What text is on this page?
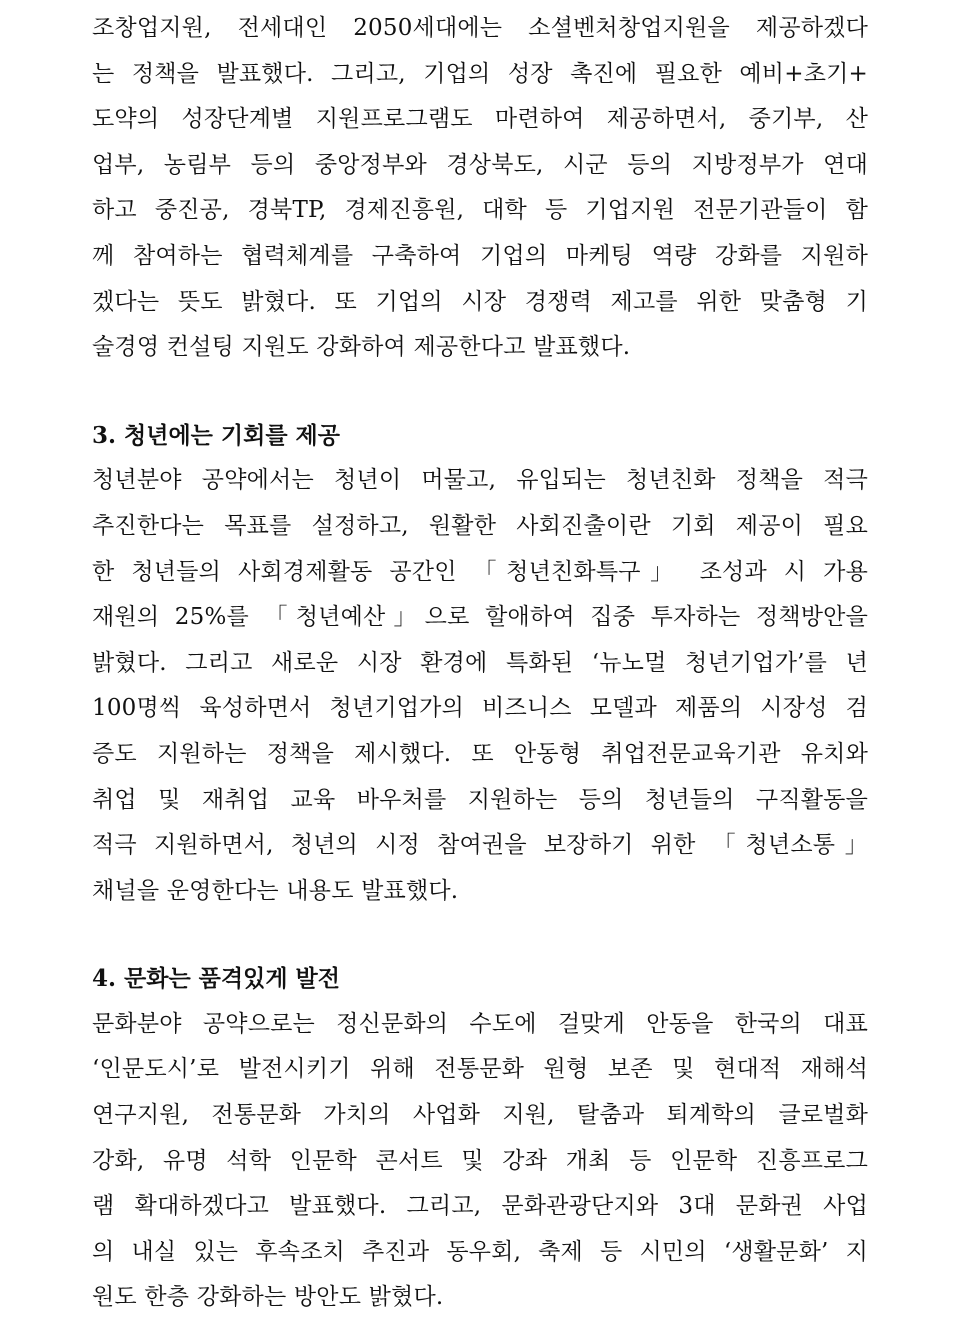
조창업지원, 전세대인 2050세대에는 소셜벤처창업지원을 제공하겠다
는 정책을 발표했다. 그리고, 기업의 성장 촉진에 필요한 예비+초기+
도약의 성장단계별 지원프로그램도 마련하여 제공하면서, 중기부, 산
업부, 농림부 등의 중앙정부와 경상북도, 시군 등의 지방정부가 연대
하고 중진공, 경북TP, 경제진흥원, 대학 등 기업지원 전문기관들이 함
께 참여하는 협력체계를 구축하여 기업의 마케팅 역량 강화를 지원하
겠다는 뜻도 밝혔다. 또 기업의 시장 경쟁력 제고를 위한 맞춤형 기
술경영 컨설팅 지원도 강화하여 제공한다고 발표했다.
3. 청년에는 기회를 제공
청년분야 공약에서는 청년이 머물고, 유입되는 청년친화 정책을 적극
추진한다는 목표를 설정하고, 원활한 사회진출이란 기회 제공이 필요
한 청년들의 사회경제활동 공간인 「청년친화특구」 조성과 시 가용
재원의 25%를 「청년예산」으로 할애하여 집중 투자하는 정책방안을
밝혔다. 그리고 새로운 시장 환경에 특화된 ‘뉴노멀 청년기업가’를 년
100명씩 육성하면서 청년기업가의 비즈니스 모델과 제품의 시장성 검
증도 지원하는 정책을 제시했다. 또 안동형 취업전문교육기관 유치와
취업 및 재취업 교육 바우처를 지원하는 등의 청년들의 구직활동을
적극 지원하면서, 청년의 시정 참여권을 보장하기 위한 「청년소통」
채널을 운영한다는 내용도 발표했다.
4. 문화는 품격있게 발전
문화분야 공약으로는 정신문화의 수도에 걸맞게 안동을 한국의 대표
‘인문도시’로 발전시키기 위해 전통문화 원형 보존 및 현대적 재해석
연구지원, 전통문화 가치의 사업화 지원, 탈춤과 퇴계학의 글로벌화
강화, 유명 석학 인문학 콘서트 및 강좌 개최 등 인문학 진흥프로그
램 확대하겠다고 발표했다. 그리고, 문화관광단지와 3대 문화권 사업
의 내실 있는 후속조치 추진과 동우회, 축제 등 시민의 ‘생활문화’ 지
원도 한층 강화하는 방안도 밝혔다.
